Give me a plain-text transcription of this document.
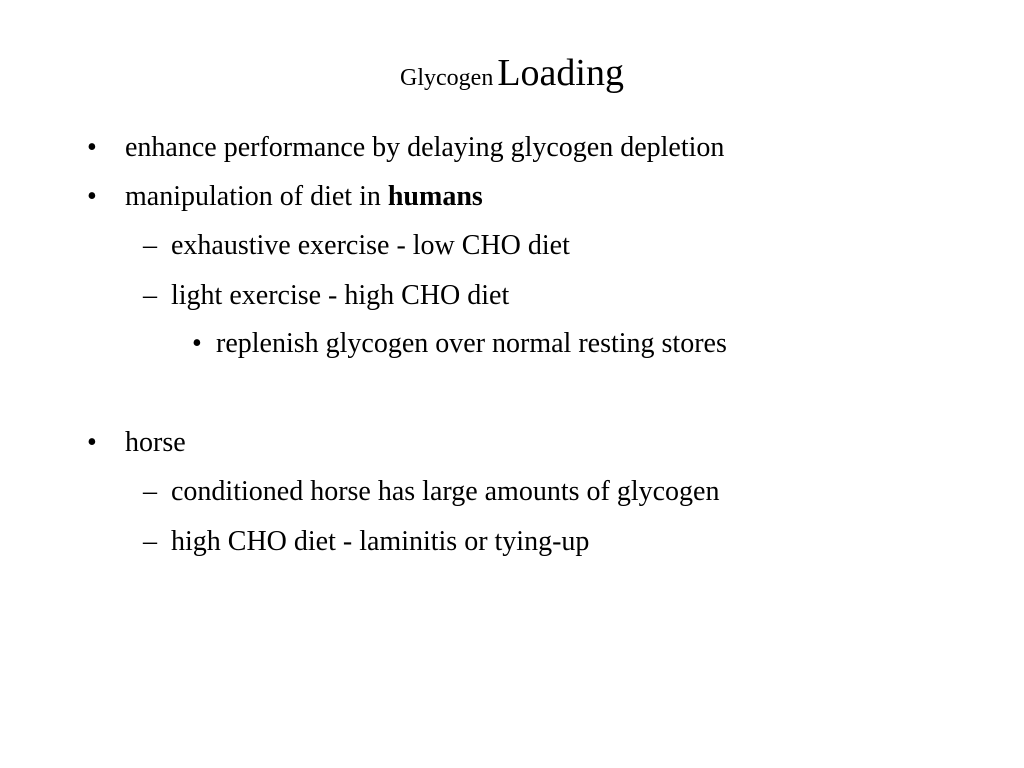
Glycogen Loading
• enhance performance by delaying glycogen depletion
• manipulation of diet in humans
– exhaustive exercise - low CHO diet
– light exercise - high CHO diet
• replenish glycogen over normal resting stores
• horse
– conditioned horse has large amounts of glycogen
– high CHO diet - laminitis or tying-up
